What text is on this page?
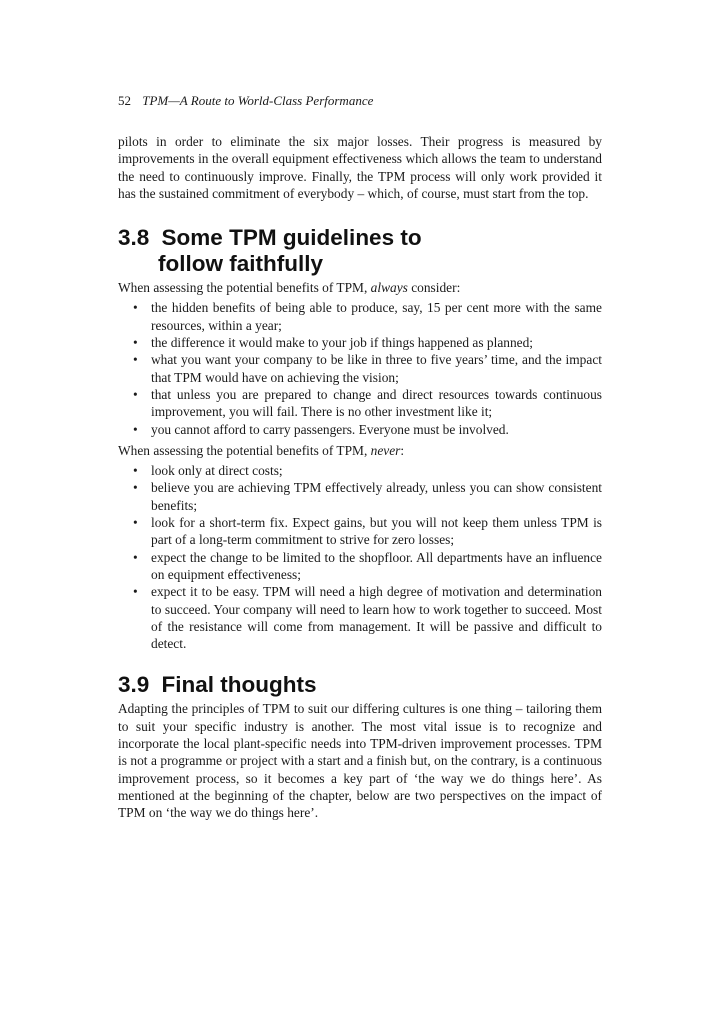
52 TPM—A Route to World-Class Performance

pilots in order to eliminate the six major losses. Their progress is measured by improvements in the overall equipment effectiveness which allows the team to understand the need to continuously improve. Finally, the TPM process will only work provided it has the sustained commitment of everybody – which, of course, must start from the top.

3.8 Some TPM guidelines to
follow faithfully

When assessing the potential benefits of TPM, always consider:

• the hidden benefits of being able to produce, say, 15 per cent more with the same resources, within a year;
• the difference it would make to your job if things happened as planned;
• what you want your company to be like in three to five years’ time, and the impact that TPM would have on achieving the vision;
• that unless you are prepared to change and direct resources towards continuous improvement, you will fail. There is no other investment like it;
• you cannot afford to carry passengers. Everyone must be involved.

When assessing the potential benefits of TPM, never:

• look only at direct costs;
• believe you are achieving TPM effectively already, unless you can show consistent benefits;
• look for a short-term fix. Expect gains, but you will not keep them unless TPM is part of a long-term commitment to strive for zero losses;
• expect the change to be limited to the shopfloor. All departments have an influence on equipment effectiveness;
• expect it to be easy. TPM will need a high degree of motivation and determination to succeed. Your company will need to learn how to work together to succeed. Most of the resistance will come from management. It will be passive and difficult to detect.
3.9 Final thoughts

Adapting the principles of TPM to suit our differing cultures is one thing – tailoring them to suit your specific industry is another. The most vital issue is to recognize and incorporate the local plant-specific needs into TPM-driven improvement processes. TPM is not a programme or project with a start and a finish but, on the contrary, is a continuous improvement process, so it becomes a key part of ‘the way we do things here’. As mentioned at the beginning of the chapter, below are two perspectives on the impact of TPM on ‘the way we do things here’.
